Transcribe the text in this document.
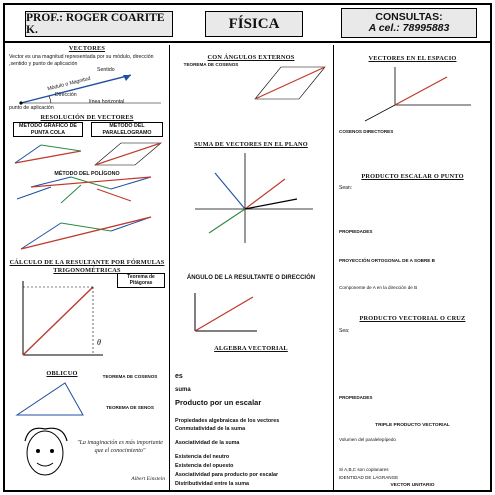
PROF.: ROGER COARITE K.	FÍSICA	CONSULTAS:
A cel.: 78995883
VECTORES
Vector es una magnitud representada por su módulo, dirección ,sentido y punto de aplicación
Sentido
Módulo o Magnitud
Dirección
línea horizontal
punto de aplicación
RESOLUCIÓN DE VECTORES
MÉTODO GRÁFICO DE PUNTA COLA
MÉTODO DEL PARALELOGRAMO
MÉTODO DEL POLÍGONO
CÁLCULO DE LA RESULTANTE POR FÓRMULAS TRIGONOMÉTRICAS
θ
Teorema de Pitágoras
OBLICUO	TEOREMA DE COSENOS
TEOREMA DE SENOS
"La imaginación es más importante que el conocimiento"
Albert Einstein
CON ÁNGULOS EXTERNOS
TEOREMA DE COSENOS
SUMA DE VECTORES EN EL PLANO
ÁNGULO DE LA RESULTANTE O DIRECCIÓN
ALGEBRA VECTORIAL
es
suma
Producto por un escalar
Propiedades algebraicas de los vectores
Conmutatividad de la suma
Asociatividad de la suma
Existencia del neutro
Existencia del opuesto
Asociatividad para producto por escalar
Distributividad entre la suma
VECTORES EN EL ESPACIO
COSENOS DIRECTORES
PRODUCTO ESCALAR O PUNTO
Sean:
PROPIEDADES
PROYECCIÓN ORTOGONAL DE A SOBRE B
Componente de A en la dirección de B
PRODUCTO VECTORIAL O CRUZ
Sea:
PROPIEDADES
TRIPLE PRODUCTO VECTORIAL
Volumen del paralelepípedo
Si A,B,C son coplanares
IDENTIDAD DE LAGRANGE
VECTOR UNITARIO
